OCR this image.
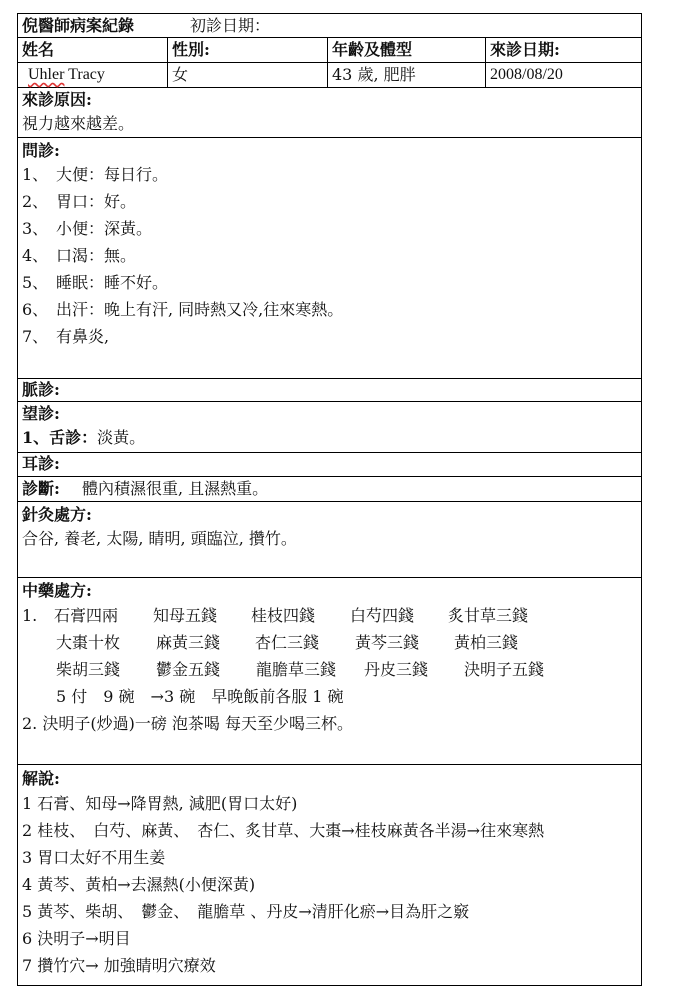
倪醫師病案紀錄	初診日期：
姓名	性別:	年齡及體型	來診日期:
Uhler Tracy	女	43 歲, 肥胖	2008/08/20
來診原因:
視力越來越差。
問診:
1、 大便：每日行。
2、 胃口：好。
3、 小便：深黃。
4、 口渴：無。
5、 睡眠：睡不好。
6、 出汗：晚上有汗, 同時熱又冷,往來寒熱。
7、 有鼻炎,
脈診:
望診:
1、舌診：淡黃。
耳診:
診斷: 體內積濕很重, 且濕熱重。
針灸處方:
合谷, 養老, 太陽, 睛明, 頭臨泣, 攢竹。
中藥處方:
1. 石膏四兩 知母五錢 桂枝四錢 白芍四錢 炙甘草三錢
大棗十枚 麻黃三錢 杏仁三錢 黃芩三錢 黃柏三錢
柴胡三錢 鬱金五錢 龍膽草三錢 丹皮三錢 決明子五錢
5 付　9 碗　→3 碗　早晚飯前各服 1 碗
2. 決明子(炒過)一磅 泡茶喝 每天至少喝三杯。
解說:
1 石膏、知母→降胃熱, 減肥(胃口太好)
2 桂枝、　白芍、麻黃、　杏仁、炙甘草、大棗→桂枝麻黃各半湯→往來寒熱
3 胃口太好不用生姜
4 黃芩、黃柏→去濕熱(小便深黃)
5 黃芩、柴胡、　鬱金、　龍膽草 、丹皮→清肝化瘀→目為肝之竅
6 決明子→明目
7 攢竹穴→ 加強睛明穴療效
